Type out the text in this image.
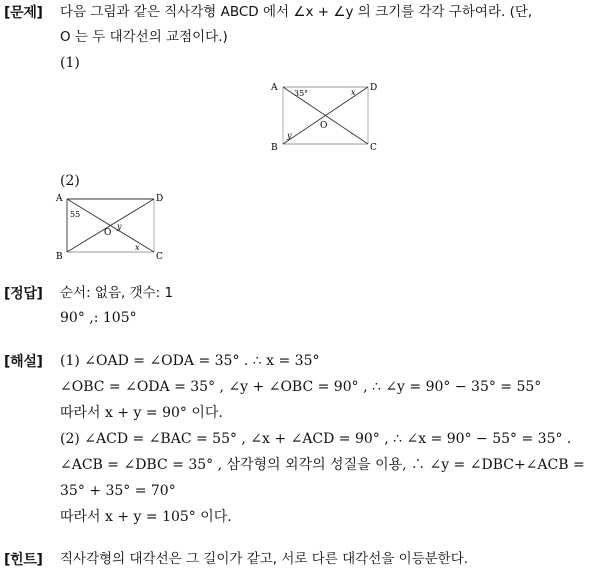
[문제] 다음 그림과 같은 직사각형 ABCD 에서 ∠x + ∠y 의 크기를 각각 구하여라. (단,
O 는 두 대각선의 교점이다.)
(1)
A	D
B	C
O
35°	x
y
(2)
A	D
B	C
O
55
y
x
[정답] 순서: 없음, 갯수: 1
90° ,: 105°
[해설] (1) ∠OAD = ∠ODA = 35° . ∴ x = 35°
∠OBC = ∠ODA = 35° , ∠y + ∠OBC = 90° , ∴ ∠y = 90° − 35° = 55°
따라서 x + y = 90° 이다.
(2) ∠ACD = ∠BAC = 55° , ∠x + ∠ACD = 90° , ∴ ∠x = 90° − 55° = 35° .
∠ACB = ∠DBC = 35° , 삼각형의 외각의 성질을 이용, ∴ ∠y = ∠DBC+∠ACB =
35° + 35° = 70°
따라서 x + y = 105° 이다.
[힌트] 직사각형의 대각선은 그 길이가 같고, 서로 다른 대각선을 이등분한다.
